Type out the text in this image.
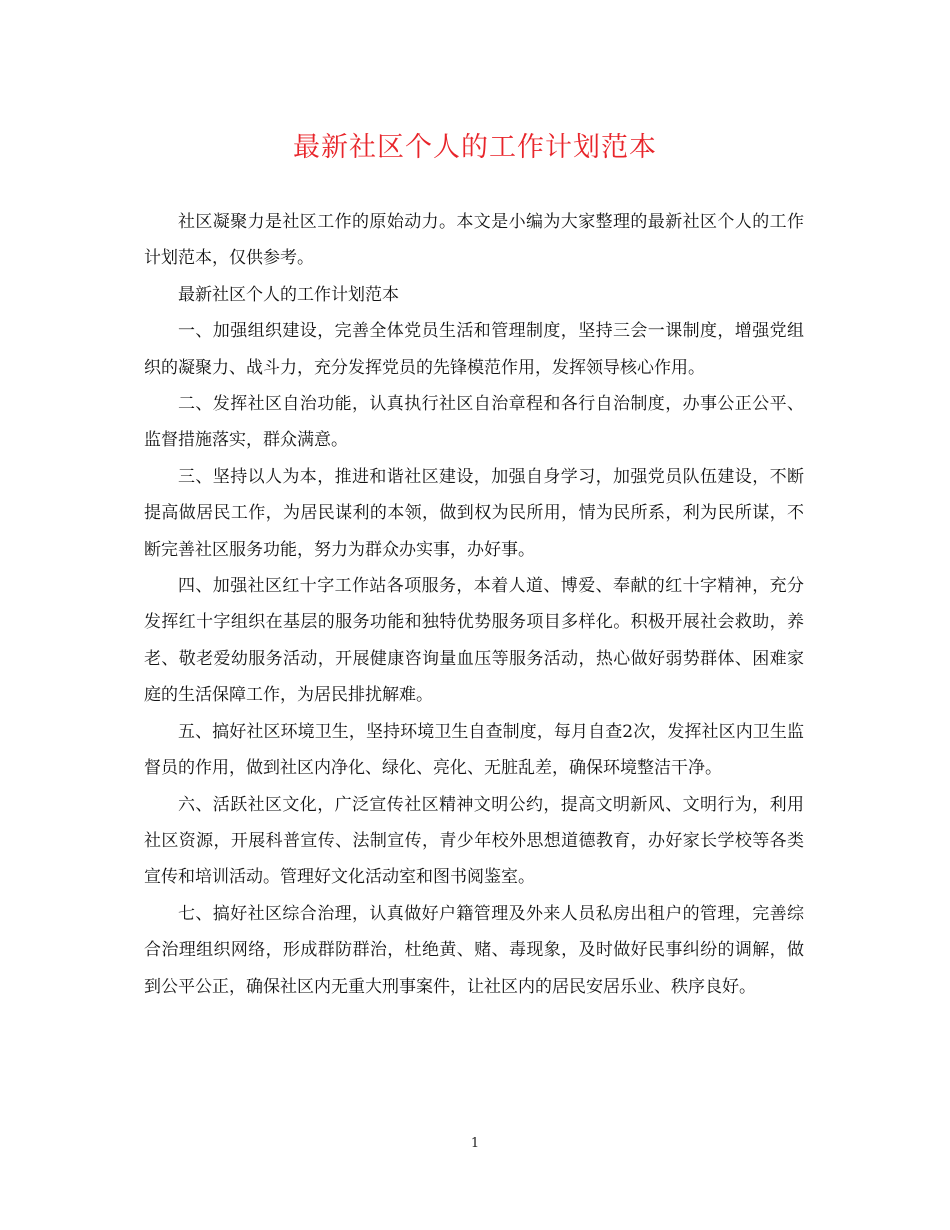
最新社区个人的工作计划范本

社区凝聚力是社区工作的原始动力。本文是小编为大家整理的最新社区个人的工作计划范本，仅供参考。

最新社区个人的工作计划范本

一、加强组织建设，完善全体党员生活和管理制度，坚持三会一课制度，增强党组织的凝聚力、战斗力，充分发挥党员的先锋模范作用，发挥领导核心作用。

二、发挥社区自治功能，认真执行社区自治章程和各行自治制度，办事公正公平、监督措施落实，群众满意。

三、坚持以人为本，推进和谐社区建设，加强自身学习，加强党员队伍建设，不断提高做居民工作，为居民谋利的本领，做到权为民所用，情为民所系，利为民所谋，不断完善社区服务功能，努力为群众办实事，办好事。

四、加强社区红十字工作站各项服务，本着人道、博爱、奉献的红十字精神，充分发挥红十字组织在基层的服务功能和独特优势服务项目多样化。积极开展社会救助，养老、敬老爱幼服务活动，开展健康咨询量血压等服务活动，热心做好弱势群体、困难家庭的生活保障工作，为居民排扰解难。

五、搞好社区环境卫生，坚持环境卫生自查制度，每月自查2次，发挥社区内卫生监督员的作用，做到社区内净化、绿化、亮化、无脏乱差，确保环境整洁干净。

六、活跃社区文化，广泛宣传社区精神文明公约，提高文明新风、文明行为，利用社区资源，开展科普宣传、法制宣传，青少年校外思想道德教育，办好家长学校等各类宣传和培训活动。管理好文化活动室和图书阅鉴室。

七、搞好社区综合治理，认真做好户籍管理及外来人员私房出租户的管理，完善综合治理组织网络，形成群防群治，杜绝黄、赌、毒现象，及时做好民事纠纷的调解，做到公平公正，确保社区内无重大刑事案件，让社区内的居民安居乐业、秩序良好。

1
